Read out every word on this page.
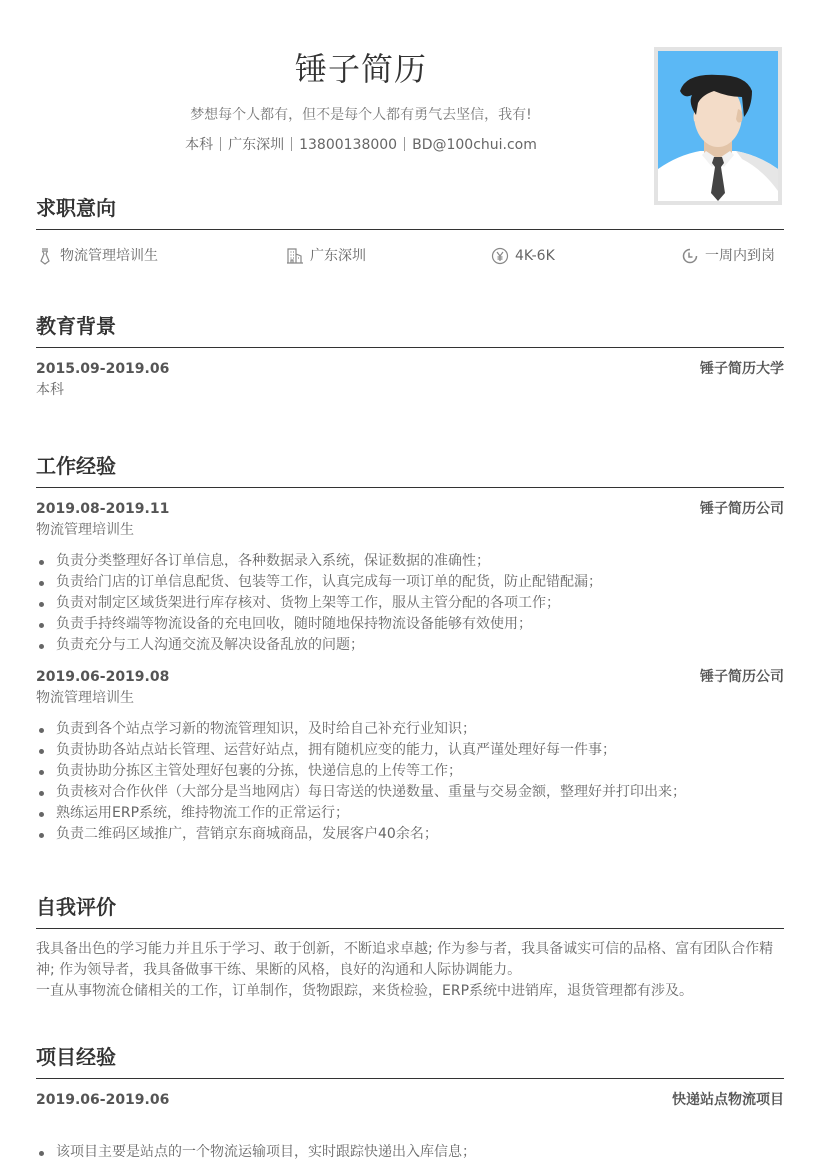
锤子简历
梦想每个人都有，但不是每个人都有勇气去坚信，我有!
本科 广东深圳 13800138000 BD@100chui.com
求职意向
物流管理培训生	广东深圳	4K-6K	一周内到岗
教育背景
2015.09-2019.06	锤子简历大学
本科
工作经验
2019.08-2019.11	锤子简历公司
物流管理培训生
负责分类整理好各订单信息，各种数据录入系统，保证数据的准确性；
负责给门店的订单信息配货、包装等工作，认真完成每一项订单的配货，防止配错配漏；
负责对制定区域货架进行库存核对、货物上架等工作，服从主管分配的各项工作；
负责手持终端等物流设备的充电回收，随时随地保持物流设备能够有效使用；
负责充分与工人沟通交流及解决设备乱放的问题；
2019.06-2019.08	锤子简历公司
物流管理培训生
负责到各个站点学习新的物流管理知识，及时给自己补充行业知识；
负责协助各站点站长管理、运营好站点，拥有随机应变的能力，认真严谨处理好每一件事；
负责协助分拣区主管处理好包裹的分拣，快递信息的上传等工作；
负责核对合作伙伴（大部分是当地网店）每日寄送的快递数量、重量与交易金额，整理好并打印出来；
熟练运用ERP系统，维持物流工作的正常运行；
负责二维码区域推广，营销京东商城商品，发展客户40余名；
自我评价
我具备出色的学习能力并且乐于学习、敢于创新，不断追求卓越; 作为参与者，我具备诚实可信的品格、富有团队合作精神; 作为领导者，我具备做事干练、果断的风格，良好的沟通和人际协调能力。
一直从事物流仓储相关的工作，订单制作，货物跟踪，来货检验，ERP系统中进销库，退货管理都有涉及。
项目经验
2019.06-2019.06	快递站点物流项目
该项目主要是站点的一个物流运输项目，实时跟踪快递出入库信息；
